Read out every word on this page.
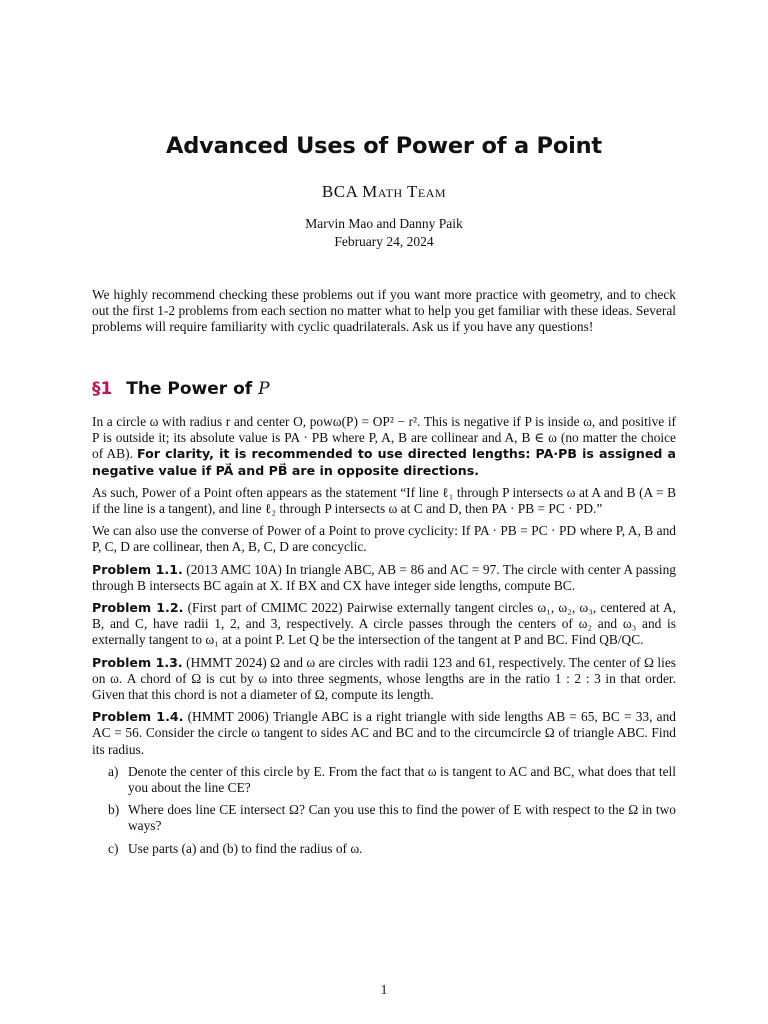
Advanced Uses of Power of a Point
BCA Math Team
Marvin Mao and Danny Paik
February 24, 2024

We highly recommend checking these problems out if you want more practice with geometry, and to check out the first 1-2 problems from each section no matter what to help you get familiar with these ideas. Several problems will require familiarity with cyclic quadrilaterals. Ask us if you have any questions!

§1 The Power of P

In a circle ω with radius r and center O, powω(P) = OP² − r². This is negative if P is inside ω, and positive if P is outside it; its absolute value is PA · PB where P, A, B are collinear and A, B ∈ ω (no matter the choice of AB). For clarity, it is recommended to use directed lengths: PA·PB is assigned a negative value if PA⃗ and PB⃗ are in opposite directions.

As such, Power of a Point often appears as the statement “If line ℓ₁ through P intersects ω at A and B (A = B if the line is a tangent), and line ℓ₂ through P intersects ω at C and D, then PA · PB = PC · PD.”

We can also use the converse of Power of a Point to prove cyclicity: If PA · PB = PC · PD where P, A, B and P, C, D are collinear, then A, B, C, D are concyclic.

Problem 1.1. (2013 AMC 10A) In triangle ABC, AB = 86 and AC = 97. The circle with center A passing through B intersects BC again at X. If BX and CX have integer side lengths, compute BC.

Problem 1.2. (First part of CMIMC 2022) Pairwise externally tangent circles ω₁, ω₂, ω₃, centered at A, B, and C, have radii 1, 2, and 3, respectively. A circle passes through the centers of ω₂ and ω₃ and is externally tangent to ω₁ at a point P. Let Q be the intersection of the tangent at P and BC. Find QB/QC.

Problem 1.3. (HMMT 2024) Ω and ω are circles with radii 123 and 61, respectively. The center of Ω lies on ω. A chord of Ω is cut by ω into three segments, whose lengths are in the ratio 1 : 2 : 3 in that order. Given that this chord is not a diameter of Ω, compute its length.

Problem 1.4. (HMMT 2006) Triangle ABC is a right triangle with side lengths AB = 65, BC = 33, and AC = 56. Consider the circle ω tangent to sides AC and BC and to the circumcircle Ω of triangle ABC. Find its radius.

a) Denote the center of this circle by E. From the fact that ω is tangent to AC and BC, what does that tell you about the line CE?
b) Where does line CE intersect Ω? Can you use this to find the power of E with respect to the Ω in two ways?
c) Use parts (a) and (b) to find the radius of ω.
1
